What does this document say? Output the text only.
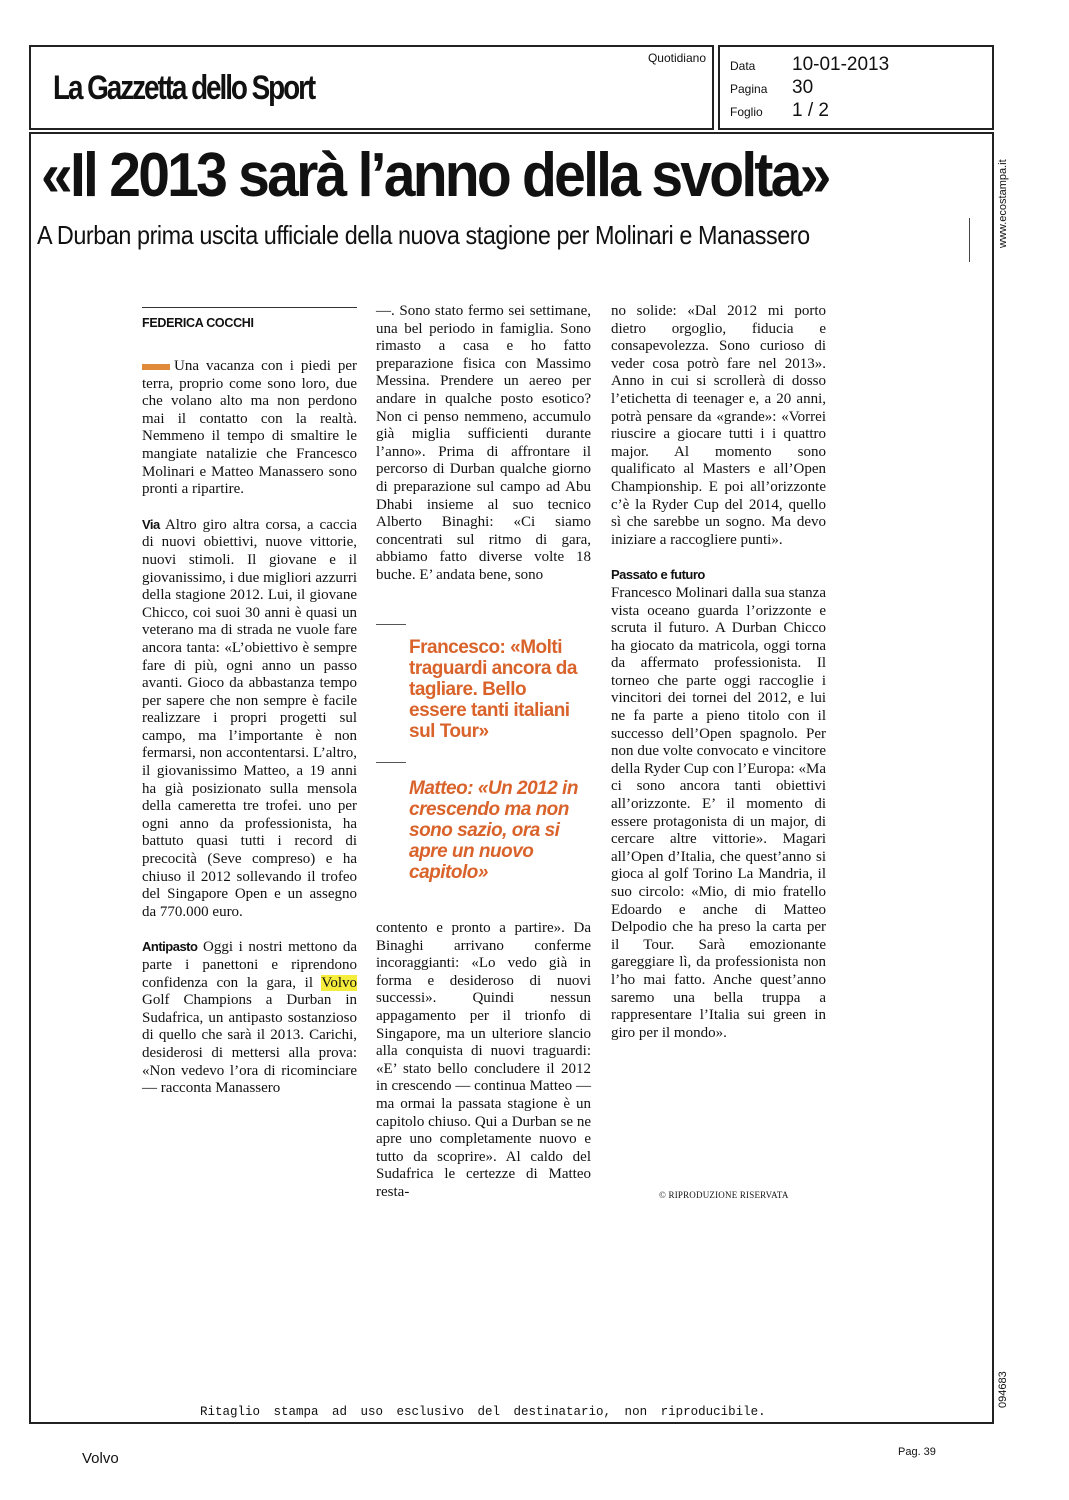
La Gazzetta dello Sport
Quotidiano
Data 10-01-2013
Pagina 30
Foglio 1 / 2
«Il 2013 sarà l’anno della svolta»
A Durban prima uscita ufficiale della nuova stagione per Molinari e Manassero
FEDERICA COCCHI

Una vacanza con i piedi per terra, proprio come sono loro, due che volano alto ma non perdono mai il contatto con la realtà. Nemmeno il tempo di smaltire le mangiate natalizie che Francesco Molinari e Matteo Manassero sono pronti a ripartire.

Via Altro giro altra corsa, a caccia di nuovi obiettivi, nuove vittorie, nuovi stimoli. Il giovane e il giovanissimo, i due migliori azzurri della stagione 2012. Lui, il giovane Chicco, coi suoi 30 anni è quasi un veterano ma di strada ne vuole fare ancora tanta: «L’obiettivo è sempre fare di più, ogni anno un passo avanti. Gioco da abbastanza tempo per sapere che non sempre è facile realizzare i propri progetti sul campo, ma l’importante è non fermarsi, non accontentarsi. L’altro, il giovanissimo Matteo, a 19 anni ha già posizionato sulla mensola della cameretta tre trofei. uno per ogni anno da professionista, ha battuto quasi tutti i record di precocità (Seve compreso) e ha chiuso il 2012 sollevando il trofeo del Singapore Open e un assegno da 770.000 euro.

Antipasto Oggi i nostri mettono da parte i panettoni e riprendono confidenza con la gara, il Volvo Golf Champions a Durban in Sudafrica, un antipasto sostanzioso di quello che sarà il 2013. Carichi, desiderosi di mettersi alla prova: «Non vedevo l’ora di ricominciare — racconta Manassero

—. Sono stato fermo sei settimane, una bel periodo in famiglia. Sono rimasto a casa e ho fatto preparazione fisica con Massimo Messina. Prendere un aereo per andare in qualche posto esotico? Non ci penso nemmeno, accumulo già miglia sufficienti durante l’anno». Prima di affrontare il percorso di Durban qualche giorno di preparazione sul campo ad Abu Dhabi insieme al suo tecnico Alberto Binaghi: «Ci siamo concentrati sul ritmo di gara, abbiamo fatto diverse volte 18 buche. E’ andata bene, sono

Francesco: «Molti traguardi ancora da tagliare. Bello essere tanti italiani sul Tour»
Matteo: «Un 2012 in crescendo ma non sono sazio, ora si apre un nuovo capitolo»

contento e pronto a partire». Da Binaghi arrivano conferme incoraggianti: «Lo vedo già in forma e desideroso di nuovi successi». Quindi nessun appagamento per il trionfo di Singapore, ma un ulteriore slancio alla conquista di nuovi traguardi: «E’ stato bello concludere il 2012 in crescendo — continua Matteo — ma ormai la passata stagione è un capitolo chiuso. Qui a Durban se ne apre uno completamente nuovo e tutto da scoprire». Al caldo del Sudafrica le certezze di Matteo resta-

no solide: «Dal 2012 mi porto dietro orgoglio, fiducia e consapevolezza. Sono curioso di veder cosa potrò fare nel 2013». Anno in cui si scrollerà di dosso l’etichetta di teenager e, a 20 anni, potrà pensare da «grande»: «Vorrei riuscire a giocare tutti i i quattro major. Al momento sono qualificato al Masters e all’Open Championship. E poi all’orizzonte c’è la Ryder Cup del 2014, quello sì che sarebbe un sogno. Ma devo iniziare a raccogliere punti».

Passato e futuro
Francesco Molinari dalla sua stanza vista oceano guarda l’orizzonte e scruta il futuro. A Durban Chicco ha giocato da matricola, oggi torna da affermato professionista. Il torneo che parte oggi raccoglie i vincitori dei tornei del 2012, e lui ne fa parte a pieno titolo con il successo dell’Open spagnolo. Per non due volte convocato e vincitore della Ryder Cup con l’Europa: «Ma ci sono ancora tanti obiettivi all’orizzonte. E’ il momento di essere protagonista di un major, di cercare altre vittorie». Magari all’Open d’Italia, che quest’anno si gioca al golf Torino La Mandria, il suo circolo: «Mio, di mio fratello Edoardo e anche di Matteo Delpodio che ha preso la carta per il Tour. Sarà emozionante gareggiare lì, da professionista non l’ho mai fatto. Anche quest’anno saremo una bella truppa a rappresentare l’Italia sui green in giro per il mondo».

© RIPRODUZIONE RISERVATA
Ritaglio stampa ad uso esclusivo del destinatario, non riproducibile.
www.ecostampa.it
094683
Volvo	Pag. 39
